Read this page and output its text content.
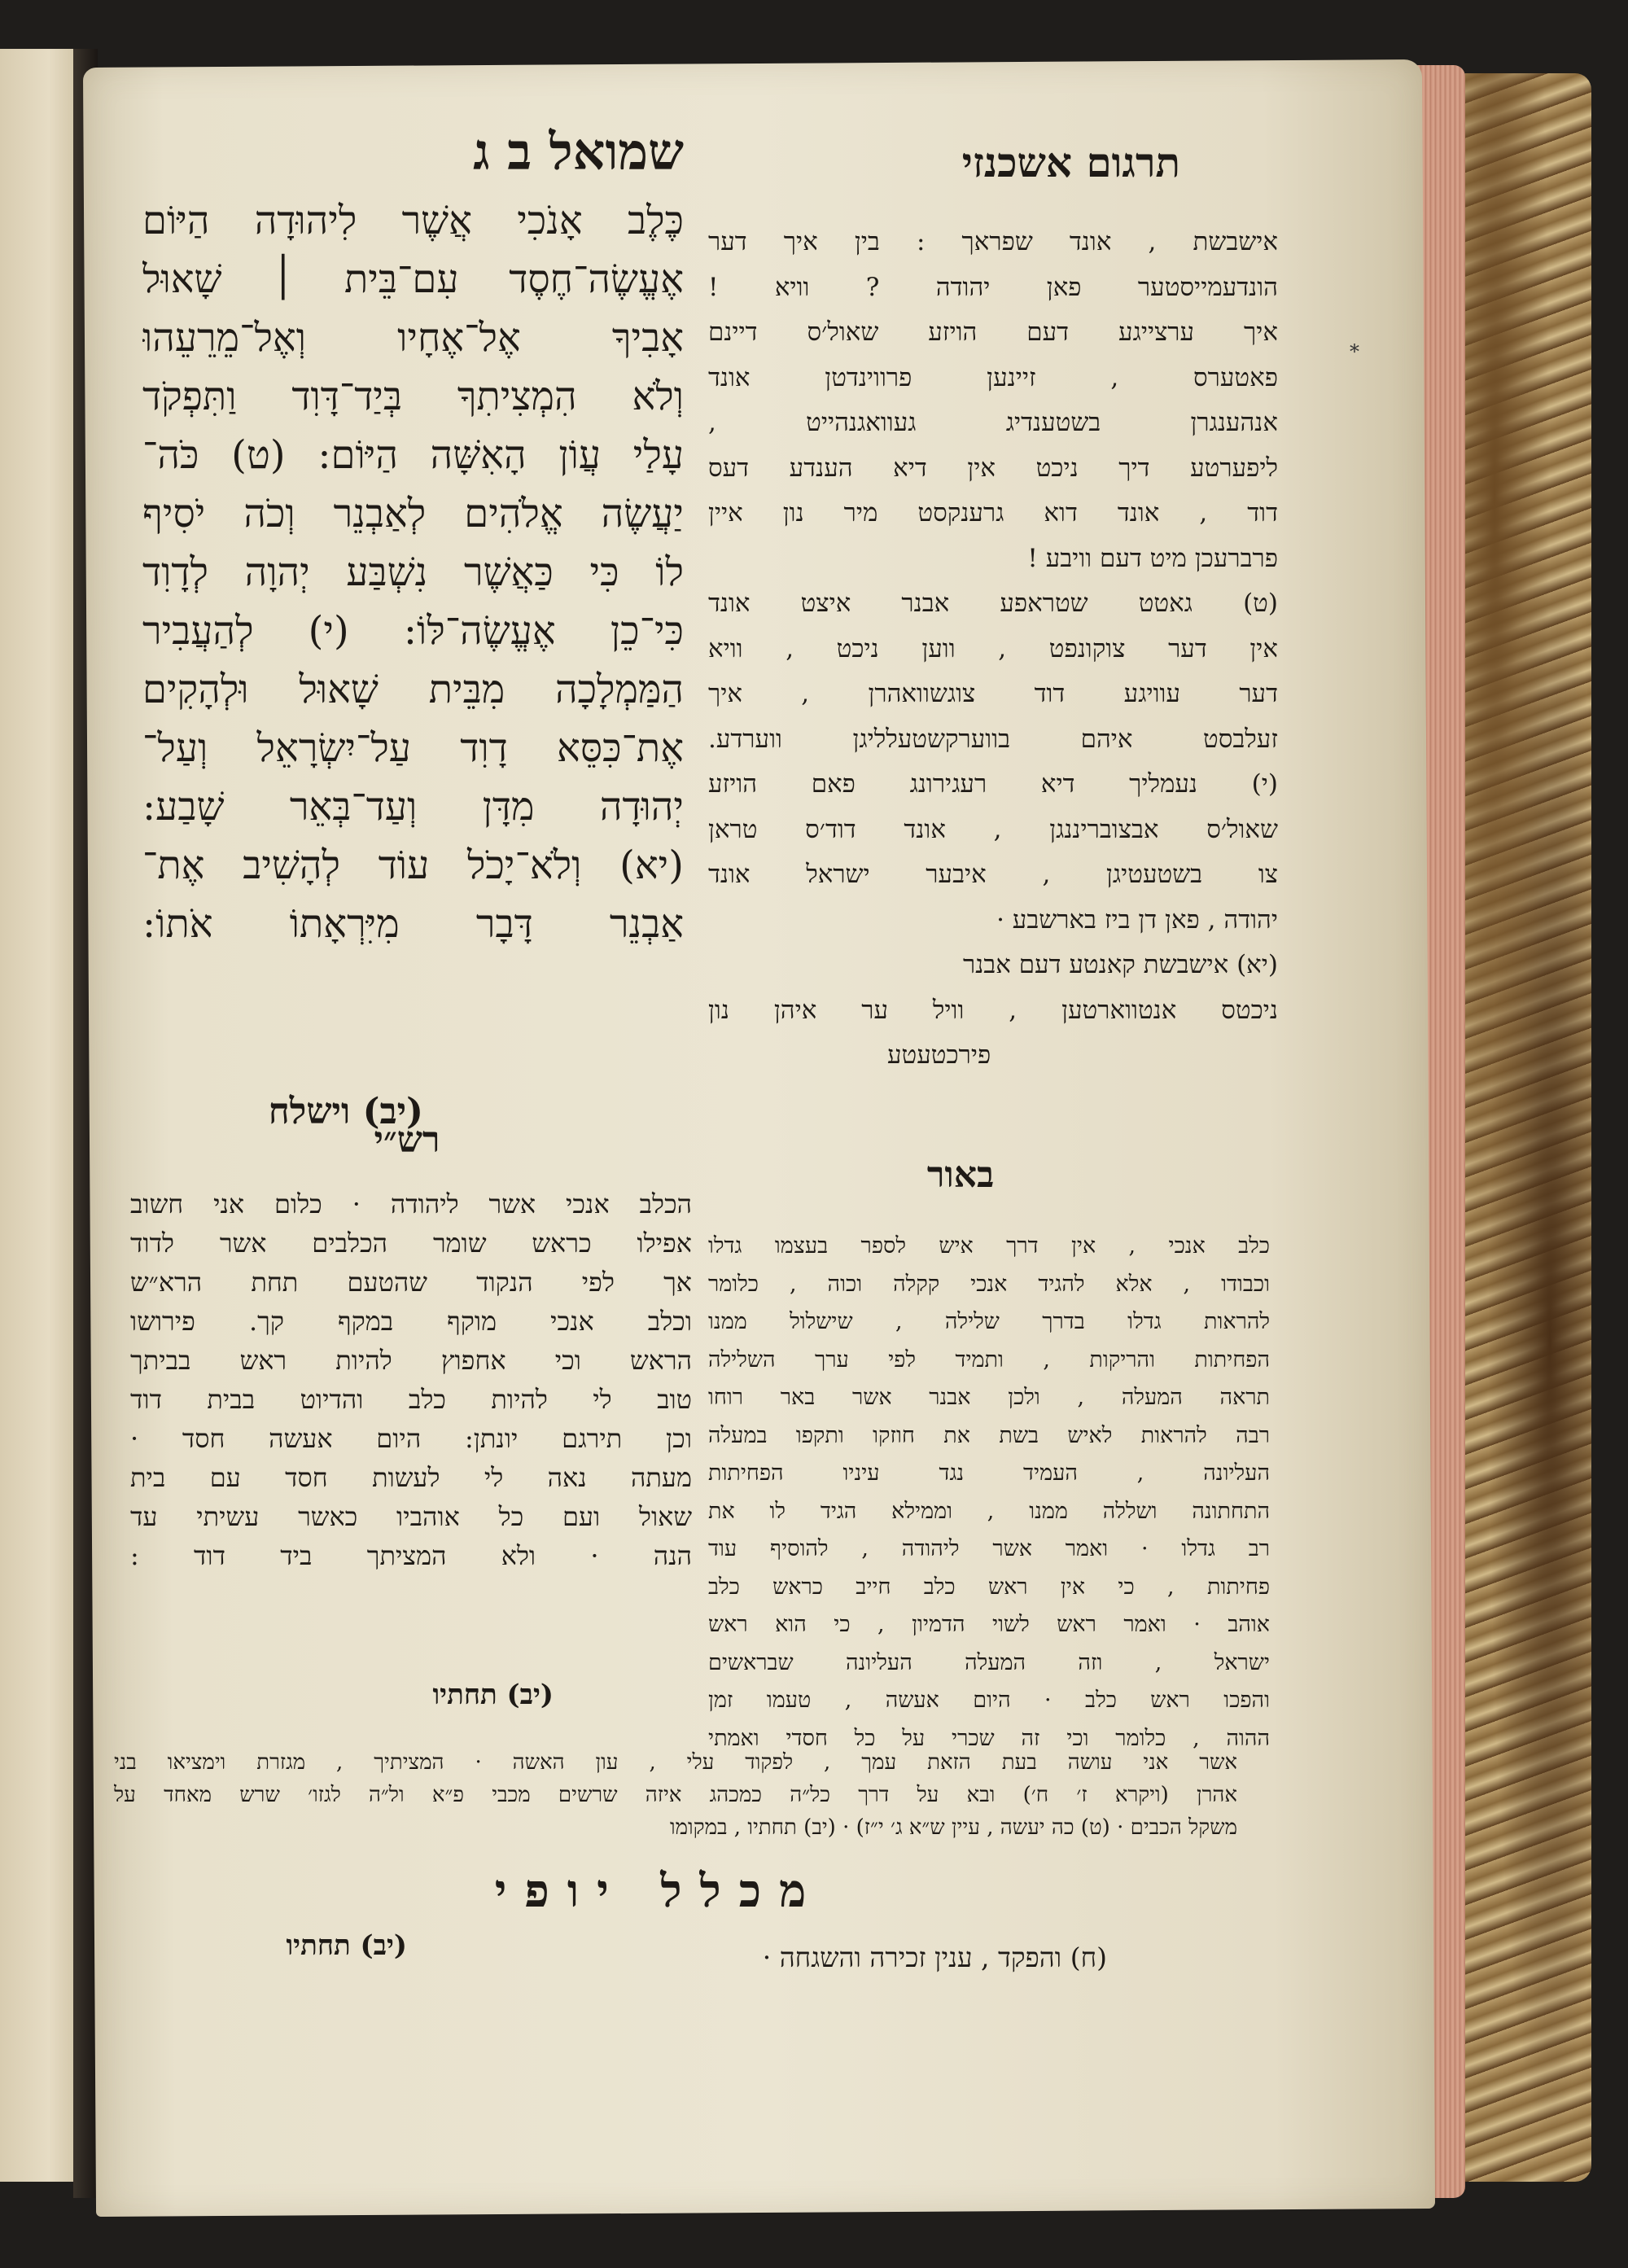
שמואל ב ג	תרגום אשכנזי
כֶּלֶב אָנֹכִי אֲשֶׁר לִיהוּדָה הַיּוֹם
אֶעֱשֶׂה־חֶסֶד עִם־בֵּית ׀ שָׁאוּל
אָבִיךָ אֶל־אֶחָיו וְאֶל־מֵרֵעֵהוּ
וְלֹא הִמְצִיתִךָ בְּיַד־דָּוִד וַתִּפְקֹד
עָלַי עֲוֹן הָאִשָּׁה הַיּוֹם: (ט) כֹּה־
יַעֲשֶׂה אֱלֹהִים לְאַבְנֵר וְכֹה יֹסִיף
לוֹ כִּי כַּאֲשֶׁר נִשְׁבַּע יְהוָה לְדָוִד
כִּי־כֵן אֶעֱשֶׂה־לּוֹ: (י) לְהַעֲבִיר
הַמַּמְלָכָה מִבֵּית שָׁאוּל וּלְהָקִים
אֶת־כִּסֵּא דָוִד עַל־יִשְׂרָאֵל וְעַל־
יְהוּדָה מִדָּן וְעַד־בְּאֵר שָׁבַע:
(יא) וְלֹא־יָכֹל עוֹד לְהָשִׁיב אֶת־
אַבְנֵר דָּבָר מִיִּרְאָתוֹ אֹתוֹ:
(יב) וישלח
*
אישבשת , אונד שפראך : בין איך דער
הונדעמייסטער פאן יהודה ? וויא !
איך ערצייגע דעם הויזע שאול׳ס דיינם
פאטערס , זיינען פרווינדטן אונד
אנהענגרן בשטענדיג געוואגנהייט ,
ליפערטע דיך ניכט אין דיא הענדע דעס
דוד , אונד דוא גרענקסט מיר נון איין
פרברעכן מיט דעם וויבע !
(ט) גאטט שטראפע אבנר איצט אונד
אין דער צוקונפט , ווען ניכט , וויא
דער עוויגע דוד צוגשוואהרן , איך
זעלבסט איהם בווערקשטעלליגן ווערדע.
(י) נעמליך דיא רעגירונג פאם הויזע
שאול׳ס אבצובריננגן , אונד דוד׳ס טראן
צו בשטעטיגן , איבער ישראל אונד
יהודה , פאן דן ביז בארשבע ·
(יא) אישבשת קאנטע דעם אבנר
ניכטס אנטווארטען , וויל ער איהן נון
פירכטעטע
רש״י
באור
הכלב אנכי אשר ליהודה · כלום אני חשוב
אפילו כראש שומר הכלבים אשר לדוד
אך לפי הנקוד שהטעם תחת הרא״ש
וכלב אנכי מוקף במקף קך. פירושו
הראש וכי אחפוץ להיות ראש בביתך
טוב לי להיות כלב והדיוט בבית דוד
וכן תירגם יונתן: היום אעשה חסד ·
מעתה נאה לי לעשות חסד עם בית
שאול ועם כל אוהביו כאשר עשיתי עד
הנה · ולא המציתך ביד דוד :
(יב) תחתיו
כלב אנכי , אין דרך איש לספר בעצמו גדלו
וכבודו , אלא להגיד אנכי קקלה וכוה , כלומר
להראות גדלו בדרך שלילה , שישלול ממנו
הפחיתות והריקות , ותמיד לפי ערך השלילה
תראה המעלה , ולכן אבנר אשר באר רוחו
רבה להראות לאיש בשת את חוזקו ותקפו במעלה
העליונה , העמיד נגד עיניו הפחיתות
התחתונה ושללה ממנו , וממילא הגיד לו את
רב גדלו · ואמר אשר ליהודה , להוסיף עוד
פחיתות , כי אין ראש כלב חייב כראש כלב
אוהב · ואמר ראש לשוי הדמיון , כי הוא ראש
ישראל , וזה המעלה העליונה שבראשים
והפכו ראש כלב · היום אעשה , טעמו זמן
ההוה , כלומר וכי זה שכרי על כל חסדי ואמתי
אשר אני עושה בעת הזאת עמך , לפקוד עלי , עון האשה · המציתיך , מגזרת וימציאו בני
אהרן (ויקרא ז׳ ח׳) ובא על דרך כל״ה כמכהג איזה שרשים מכבי פ״א ול״ה לגזו׳ שרש מאחד על
משקל הכבים · (ט) כה יעשה , עיין ש״א ג׳ י״ז) · (יב) תחתיו , במקומו
מכלל יופי
(יב) תחתיו	(ח) והפקד , ענין זכירה והשגחה ·
